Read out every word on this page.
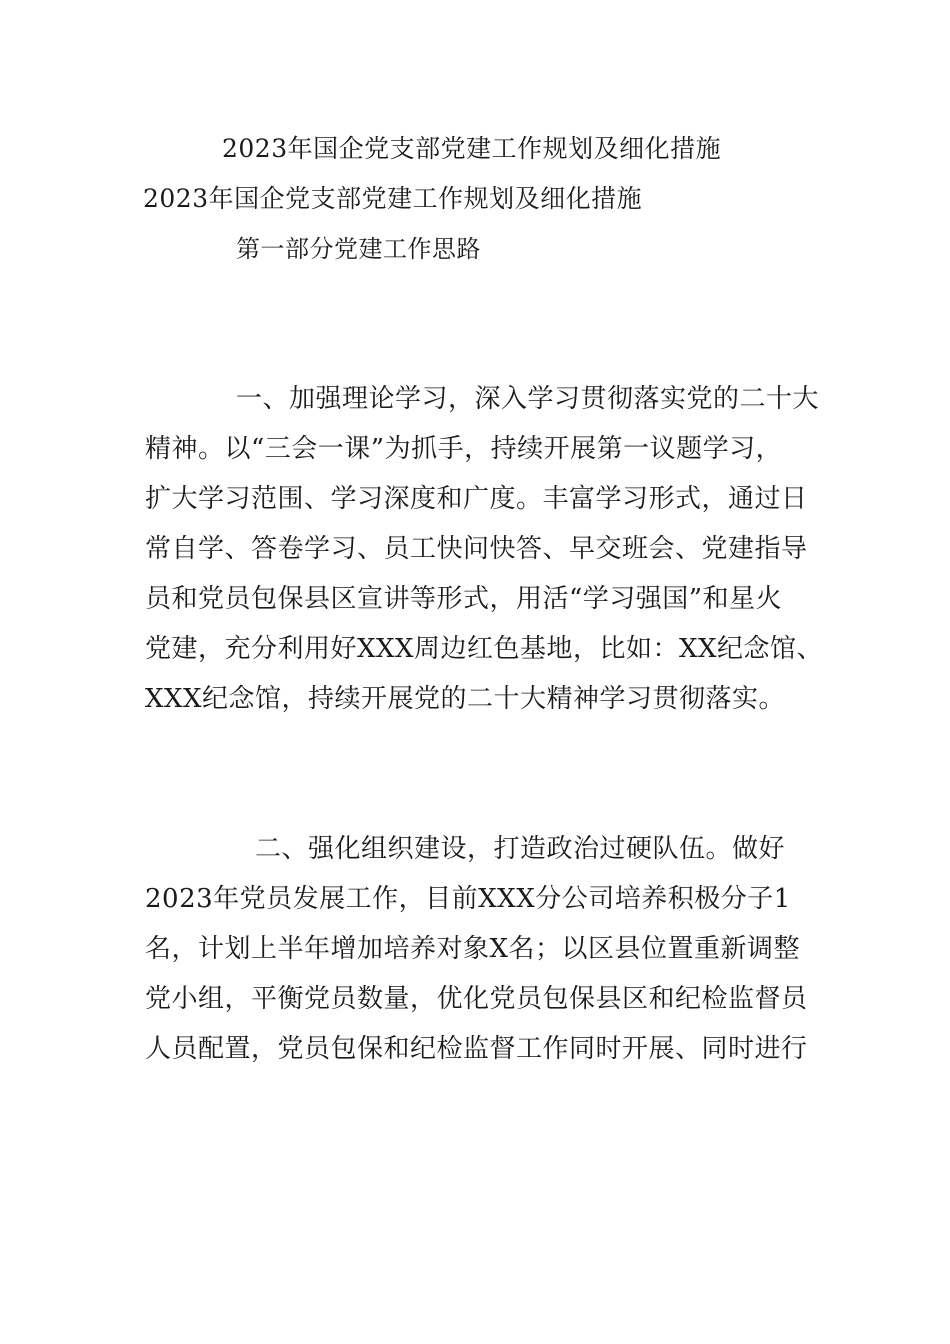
2023年国企党支部党建工作规划及细化措施
2023年国企党支部党建工作规划及细化措施
第一部分党建工作思路
一、加强理论学习，深入学习贯彻落实党的二十大
精神。以“三会一课”为抓手，持续开展第一议题学习，
扩大学习范围、学习深度和广度。丰富学习形式，通过日
常自学、答卷学习、员工快问快答、早交班会、党建指导
员和党员包保县区宣讲等形式，用活“学习强国”和星火
党建，充分利用好XXX周边红色基地，比如：XX纪念馆、
XXX纪念馆，持续开展党的二十大精神学习贯彻落实。
二、强化组织建设，打造政治过硬队伍。做好
2023年党员发展工作，目前XXX分公司培养积极分子1
名，计划上半年增加培养对象X名；以区县位置重新调整
党小组，平衡党员数量，优化党员包保县区和纪检监督员
人员配置，党员包保和纪检监督工作同时开展、同时进行
